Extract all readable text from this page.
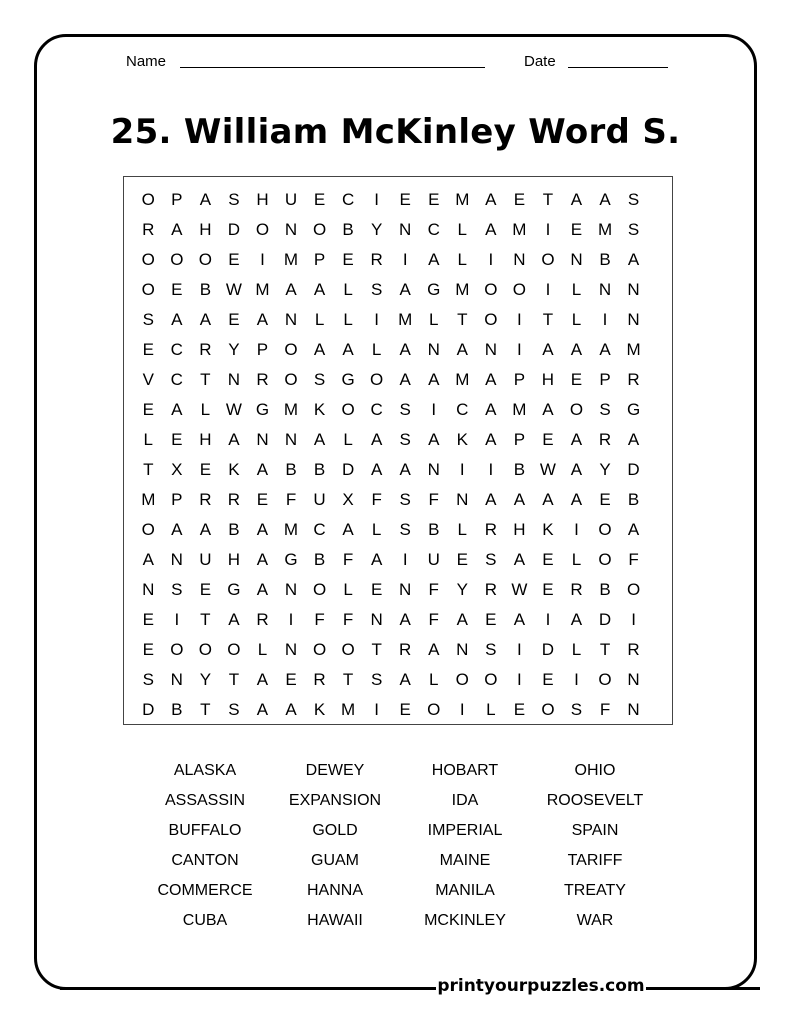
Name	Date
25. William McKinley Word S.
O P	A	S H U E C	I	E	E M A	E	T	A	A	S
R A H D O N O B	Y N C	L	A M	I	E M S
O O O E	I	M P	E R	I	A	L	I	N O N B	A
O E	B W M A	A	L	S	A G M O O	I	L	N N
S	A	A	E	A N	L	L	I	M L	T O	I	T	L	I	N
E C R Y	P O A	A	L	A N A N	I	A	A	A M
V C	T	N R O S G O A	A M A	P H E	P R
E	A	L W G M K O C S	I	C A M A O S G
L	E H A N N A	L	A	S	A	K	A	P	E	A R A
T	X	E	K	A	B	B D A	A N	I	I	B W A	Y D
M P R R E	F	U X	F	S	F	N A	A	A	A	E	B
O A	A	B	A M C A	L	S	B	L	R H K	I	O A
A N U H A G B	F	A	I	U E	S	A	E	L	O F
N S	E G A N O	L	E N	F	Y R W E R B O
E	I	T	A R	I	F	F	N A	F	A	E	A	I	A D	I
E O O O	L	N O O T	R A N S	I	D	L	T	R
S N Y	T	A	E R	T	S	A	L	O O	I	E	I	O N
D B	T	S	A	A	K M	I	E O	I	L	E O S	F	N
ALASKA	DEWEY	HOBART	OHIO
ASSASSIN	EXPANSION	IDA	ROOSEVELT
BUFFALO	GOLD	IMPERIAL	SPAIN
CANTON	GUAM	MAINE	TARIFF
COMMERCE	HANNA	MANILA	TREATY
CUBA	HAWAII	MCKINLEY	WAR
printyourpuzzles.com
